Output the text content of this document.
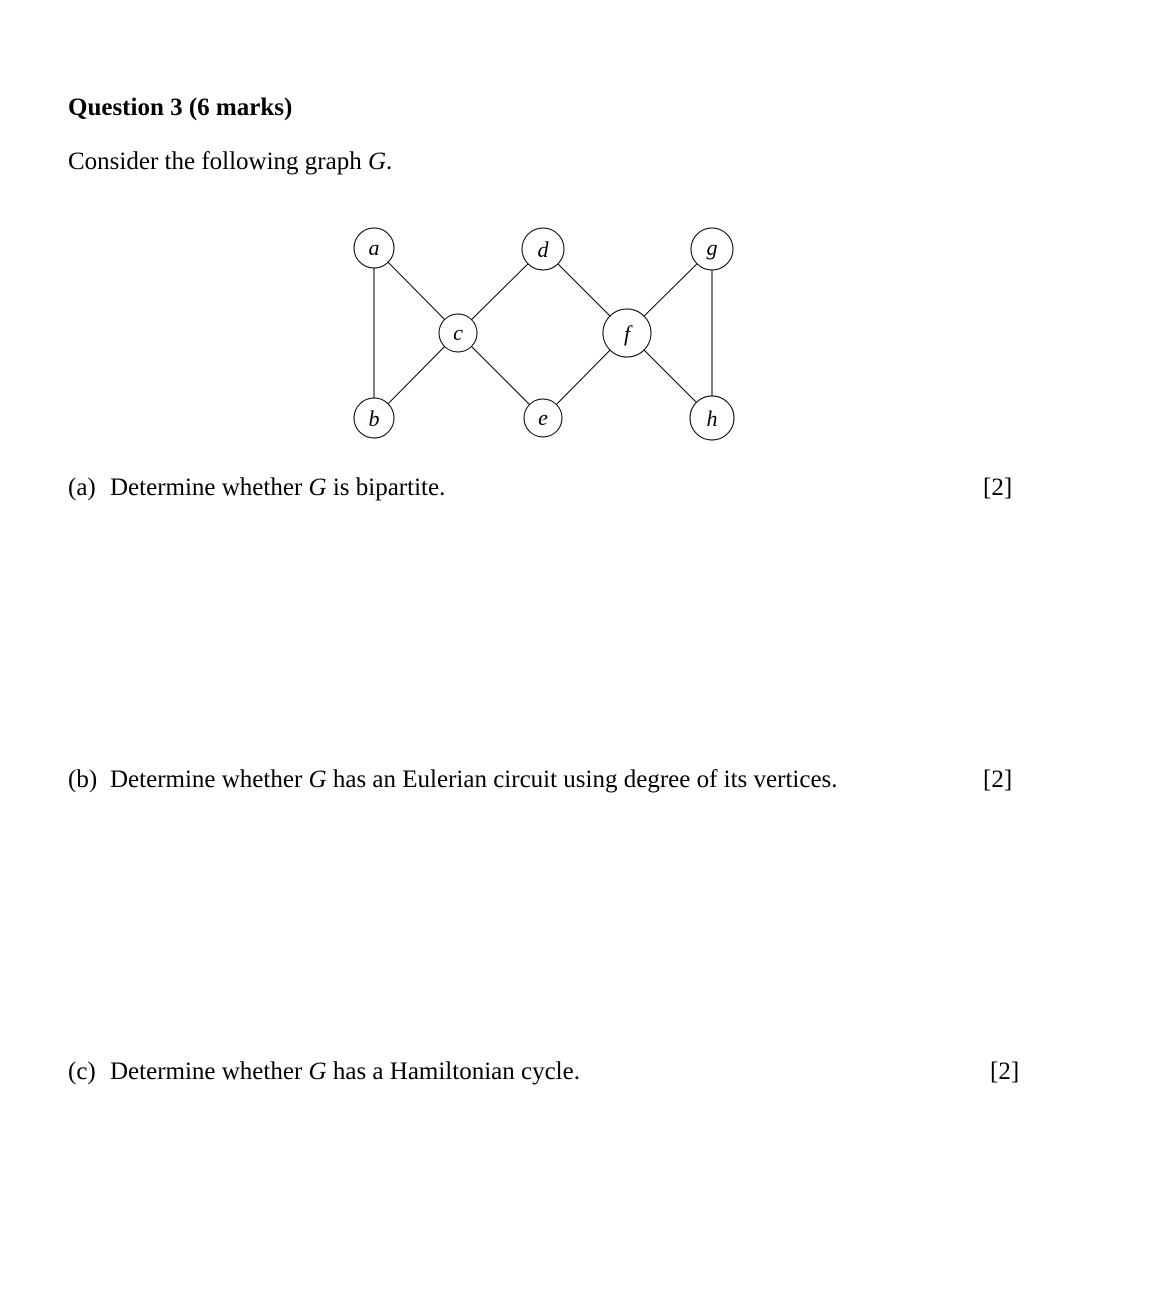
Question 3 (6 marks)
Consider the following graph G.
a
b
c
d
e
f
g
h
(a) Determine whether G is bipartite.	[2]
(b) Determine whether G has an Eulerian circuit using degree of its vertices.	[2]
(c) Determine whether G has a Hamiltonian cycle.	[2]
